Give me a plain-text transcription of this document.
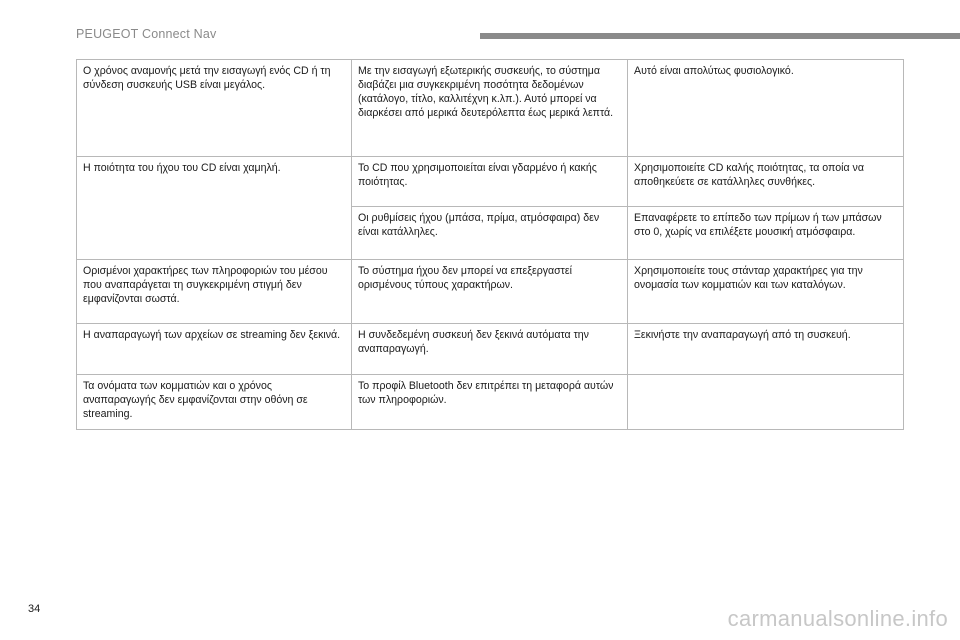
PEUGEOT Connect Nav
Ο χρόνος αναμονής μετά την εισαγωγή ενός CD ή τη σύνδεση συσκευής USB είναι μεγάλος.	Με την εισαγωγή εξωτερικής συσκευής, το σύστημα διαβάζει μια συγκεκριμένη ποσότητα δεδομένων (κατάλογο, τίτλο, καλλιτέχνη κ.λπ.). Αυτό μπορεί να διαρκέσει από μερικά δευτερόλεπτα έως μερικά λεπτά.	Αυτό είναι απολύτως φυσιολογικό.
Η ποιότητα του ήχου του CD είναι χαμηλή.	Το CD που χρησιμοποιείται είναι γδαρμένο ή κακής ποιότητας.	Χρησιμοποιείτε CD καλής ποιότητας, τα οποία να αποθηκεύετε σε κατάλληλες συνθήκες.
	Οι ρυθμίσεις ήχου (μπάσα, πρίμα, ατμόσφαιρα) δεν είναι κατάλληλες.	Επαναφέρετε το επίπεδο των πρίμων ή των μπάσων στο 0, χωρίς να επιλέξετε μουσική ατμόσφαιρα.
Ορισμένοι χαρακτήρες των πληροφοριών του μέσου που αναπαράγεται τη συγκεκριμένη στιγμή δεν εμφανίζονται σωστά.	Το σύστημα ήχου δεν μπορεί να επεξεργαστεί ορισμένους τύπους χαρακτήρων.	Χρησιμοποιείτε τους στάνταρ χαρακτήρες για την ονομασία των κομματιών και των καταλόγων.
Η αναπαραγωγή των αρχείων σε streaming δεν ξεκινά.	Η συνδεδεμένη συσκευή δεν ξεκινά αυτόματα την αναπαραγωγή.	Ξεκινήστε την αναπαραγωγή από τη συσκευή.
Τα ονόματα των κομματιών και ο χρόνος αναπαραγωγής δεν εμφανίζονται στην οθόνη σε streaming.	Το προφίλ Bluetooth δεν επιτρέπει τη μεταφορά αυτών των πληροφοριών.	
34	carmanualsonline.info
